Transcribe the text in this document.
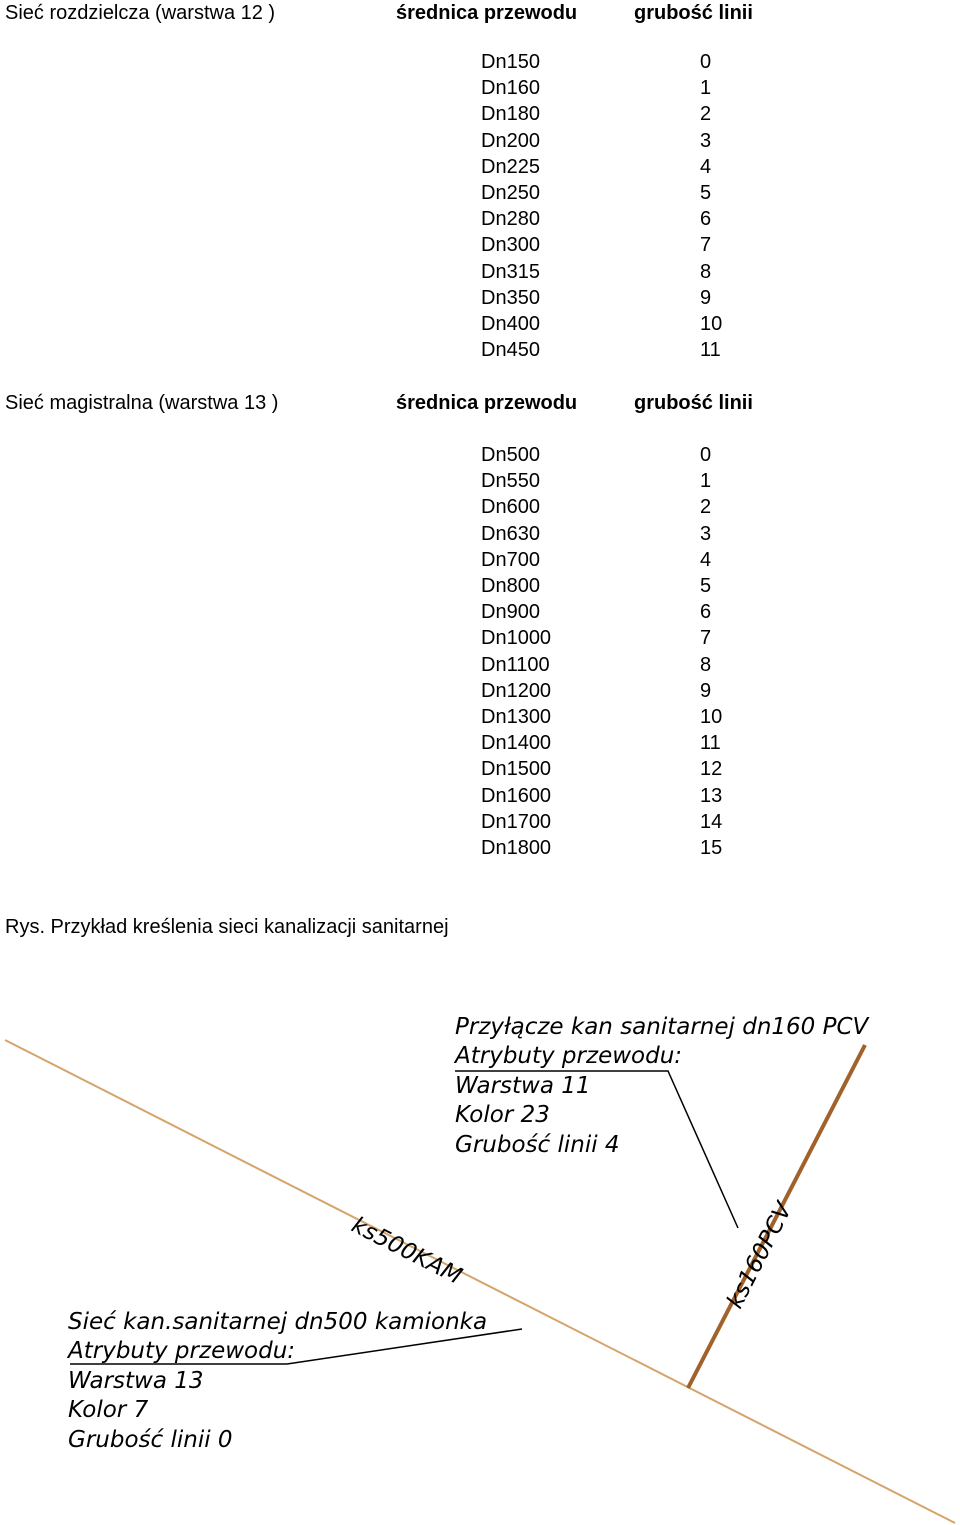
Sieć rozdzielcza (warstwa 12 )	średnica przewodu	grubość linii
Dn150	0
Dn160	1
Dn180	2
Dn200	3
Dn225	4
Dn250	5
Dn280	6
Dn300	7
Dn315	8
Dn350	9
Dn400	10
Dn450	11
Sieć magistralna (warstwa 13 )	średnica przewodu	grubość linii
Dn500	0
Dn550	1
Dn600	2
Dn630	3
Dn700	4
Dn800	5
Dn900	6
Dn1000	7
Dn1100	8
Dn1200	9
Dn1300	10
Dn1400	11
Dn1500	12
Dn1600	13
Dn1700	14
Dn1800	15
Rys. Przykład kreślenia sieci kanalizacji sanitarnej
Przyłącze kan sanitarnej dn160 PCV
Atrybuty przewodu:
Warstwa 11
Kolor 23
Grubość linii 4
Sieć kan.sanitarnej dn500 kamionka
Atrybuty przewodu:
Warstwa 13
Kolor 7
Grubość linii 0
ks500KAM	ks160PCV
